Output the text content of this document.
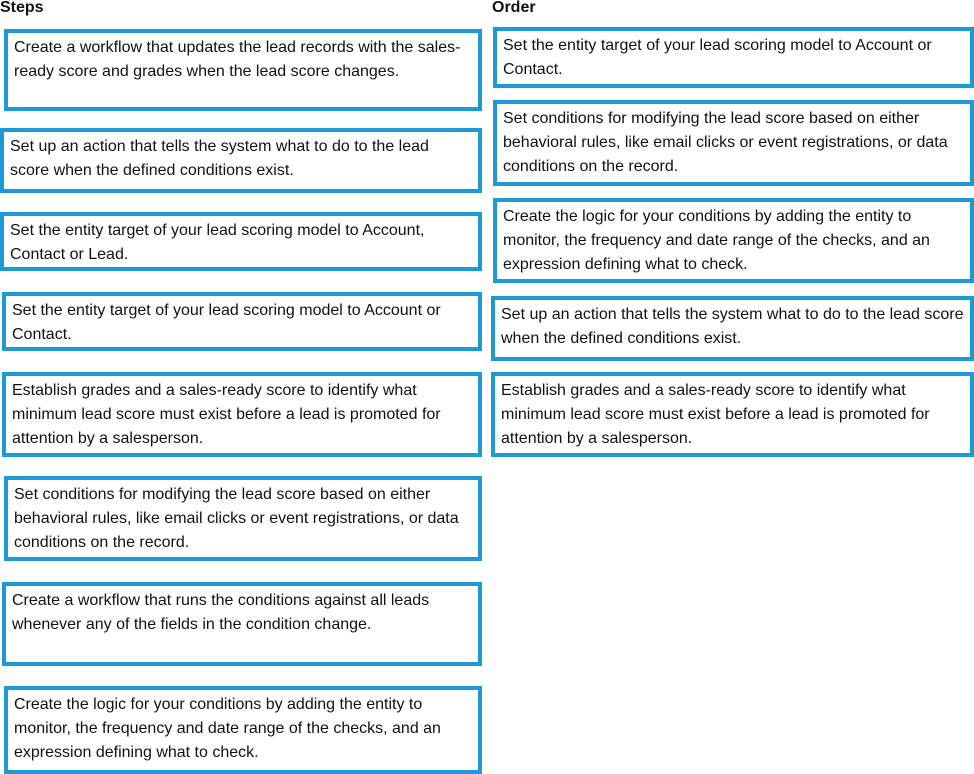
Steps	Order
Create a workflow that updates the lead records with the sales-ready score and grades when the lead score changes.
Set up an action that tells the system what to do to the lead score when the defined conditions exist.
Set the entity target of your lead scoring model to Account, Contact or Lead.
Set the entity target of your lead scoring model to Account or Contact.
Establish grades and a sales-ready score to identify what minimum lead score must exist before a lead is promoted for attention by a salesperson.
Set conditions for modifying the lead score based on either behavioral rules, like email clicks or event registrations, or data conditions on the record.
Create a workflow that runs the conditions against all leads whenever any of the fields in the condition change.
Create the logic for your conditions by adding the entity to monitor, the frequency and date range of the checks, and an expression defining what to check.
Set the entity target of your lead scoring model to Account or Contact.
Set conditions for modifying the lead score based on either behavioral rules, like email clicks or event registrations, or data conditions on the record.
Create the logic for your conditions by adding the entity to monitor, the frequency and date range of the checks, and an expression defining what to check.
Set up an action that tells the system what to do to the lead score when the defined conditions exist.
Establish grades and a sales-ready score to identify what minimum lead score must exist before a lead is promoted for attention by a salesperson.
